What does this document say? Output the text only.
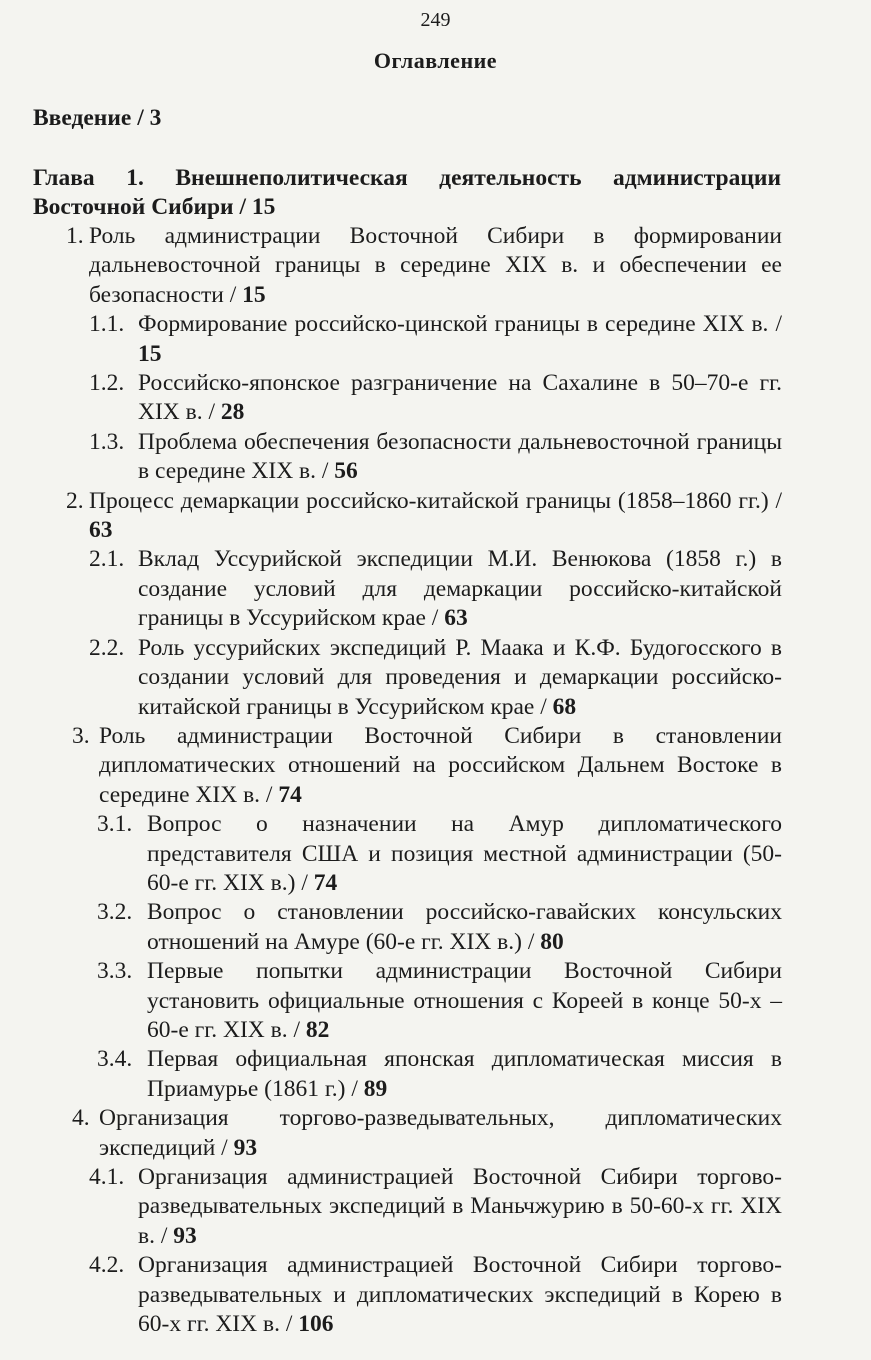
249
Оглавление
Введение / 3
Глава 1. Внешнеполитическая деятельность администрации Восточной Сибири / 15
1. Роль администрации Восточной Сибири в формировании дальневосточной границы в середине XIX в. и обеспечении ее безопасности / 15
1.1. Формирование российско-цинской границы в середине XIX в. / 15
1.2. Российско-японское разграничение на Сахалине в 50–70-е гг. XIX в. / 28
1.3. Проблема обеспечения безопасности дальневосточной границы в середине XIX в. / 56
2. Процесс демаркации российско-китайской границы (1858–1860 гг.) / 63
2.1. Вклад Уссурийской экспедиции М.И. Венюкова (1858 г.) в создание условий для демаркации российско-китайской границы в Уссурийском крае / 63
2.2. Роль уссурийских экспедиций Р. Маака и К.Ф. Будогосского в создании условий для проведения и демаркации российско-китайской границы в Уссурийском крае / 68
3. Роль администрации Восточной Сибири в становлении дипломатических отношений на российском Дальнем Востоке в середине XIX в. / 74
3.1. Вопрос о назначении на Амур дипломатического представителя США и позиция местной администрации (50-60-е гг. XIX в.) / 74
3.2. Вопрос о становлении российско-гавайских консульских отношений на Амуре (60-е гг. XIX в.) / 80
3.3. Первые попытки администрации Восточной Сибири установить официальные отношения с Кореей в конце 50-х – 60-е гг. XIX в. / 82
3.4. Первая официальная японская дипломатическая миссия в Приамурье (1861 г.) / 89
4. Организация торгово-разведывательных, дипломатических экспедиций / 93
4.1. Организация администрацией Восточной Сибири торгово-разведывательных экспедиций в Маньчжурию в 50-60-х гг. XIX в. / 93
4.2. Организация администрацией Восточной Сибири торгово-разведывательных и дипломатических экспедиций в Корею в 60-х гг. XIX в. / 106
